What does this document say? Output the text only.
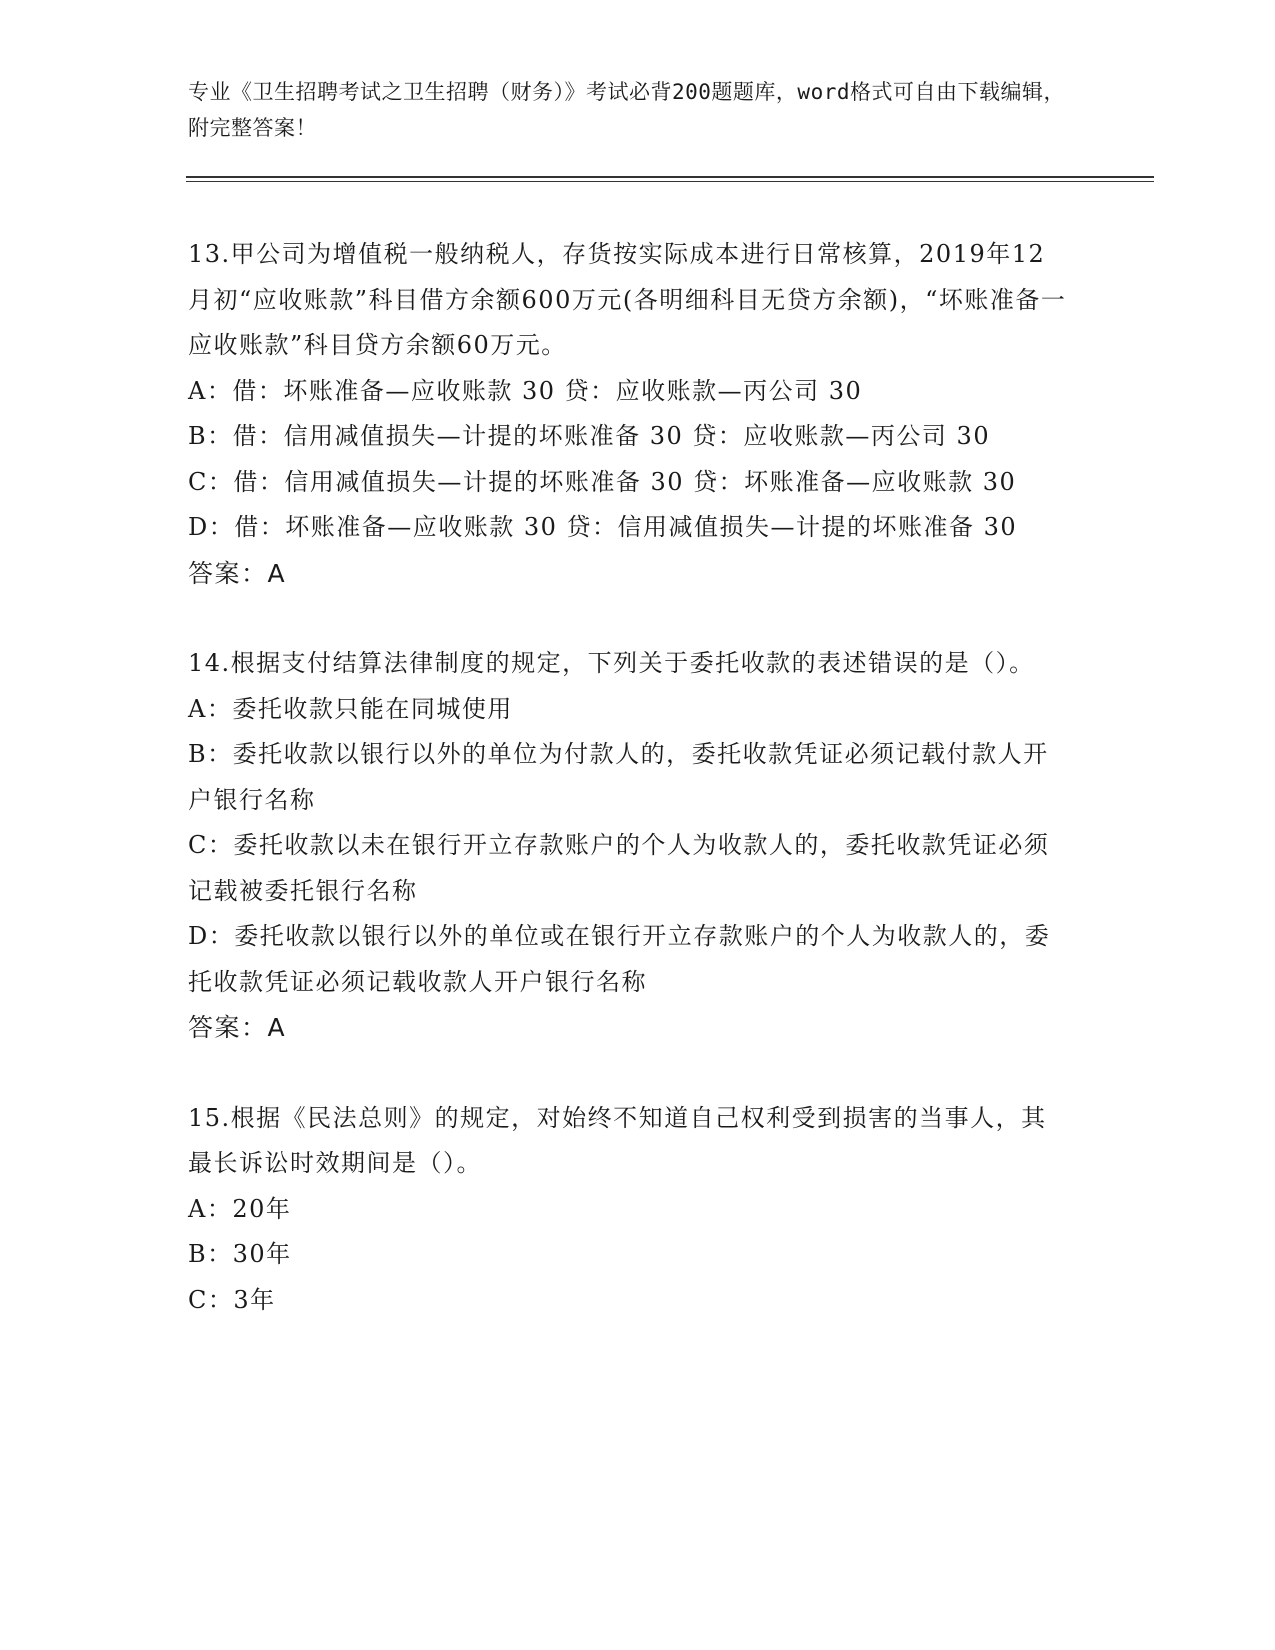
专业《卫生招聘考试之卫生招聘（财务）》考试必背200题题库，word格式可自由下载编辑，附完整答案！

13.甲公司为增值税一般纳税人，存货按实际成本进行日常核算，2019年12月初“应收账款”科目借方余额600万元(各明细科目无贷方余额)，“坏账准备一应收账款”科目贷方余额60万元。

A：借：坏账准备—应收账款 30 贷：应收账款—丙公司 30

B：借：信用减值损失—计提的坏账准备 30 贷：应收账款—丙公司 30

C：借：信用减值损失—计提的坏账准备 30 贷：坏账准备—应收账款 30

D：借：坏账准备—应收账款 30 贷：信用减值损失—计提的坏账准备 30

答案：A

14.根据支付结算法律制度的规定，下列关于委托收款的表述错误的是（）。

A：委托收款只能在同城使用

B：委托收款以银行以外的单位为付款人的，委托收款凭证必须记载付款人开户银行名称

C：委托收款以未在银行开立存款账户的个人为收款人的，委托收款凭证必须记载被委托银行名称

D：委托收款以银行以外的单位或在银行开立存款账户的个人为收款人的，委托收款凭证必须记载收款人开户银行名称

答案：A

15.根据《民法总则》的规定，对始终不知道自己权利受到损害的当事人，其最长诉讼时效期间是（）。

A：20年

B：30年

C：3年
